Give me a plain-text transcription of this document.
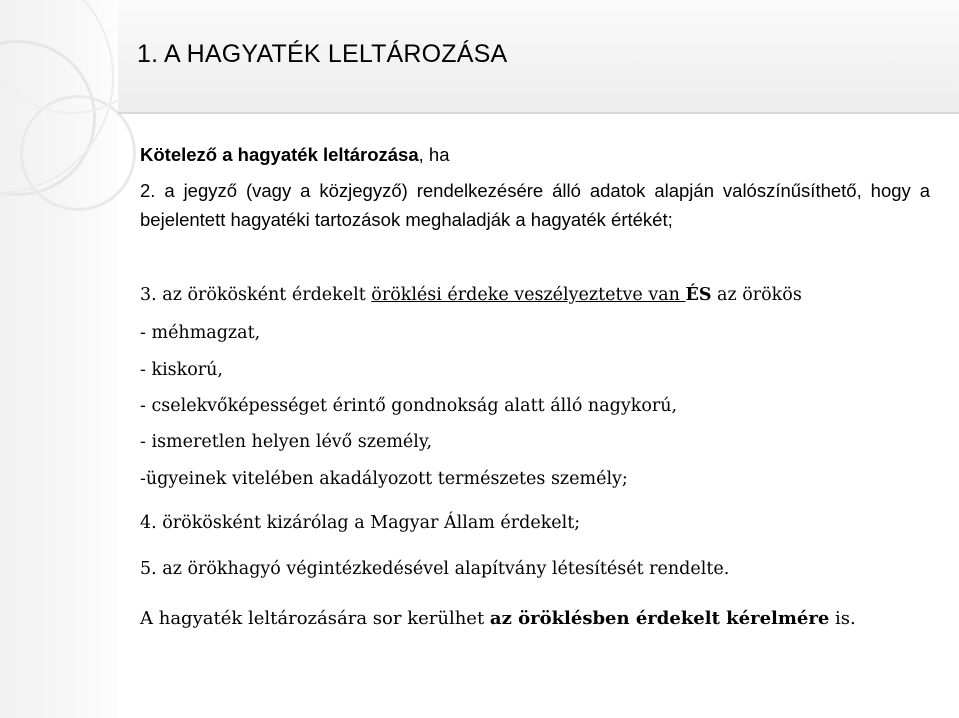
1. A HAGYATÉK LELTÁROZÁSA

Kötelező a hagyaték leltározása, ha

2. a jegyző (vagy a közjegyző) rendelkezésére álló adatok alapján valószínűsíthető, hogy a bejelentett hagyatéki tartozások meghaladják a hagyaték értékét;

3. az örökösként érdekelt öröklési érdeke veszélyeztetve van ÉS az örökös

- méhmagzat,

- kiskorú,

- cselekvőképességet érintő gondnokság alatt álló nagykorú,

- ismeretlen helyen lévő személy,

-ügyeinek vitelében akadályozott természetes személy;

4. örökösként kizárólag a Magyar Állam érdekelt;

5. az örökhagyó végintézkedésével alapítvány létesítését rendelte.

A hagyaték leltározására sor kerülhet az öröklésben érdekelt kérelmére is.
